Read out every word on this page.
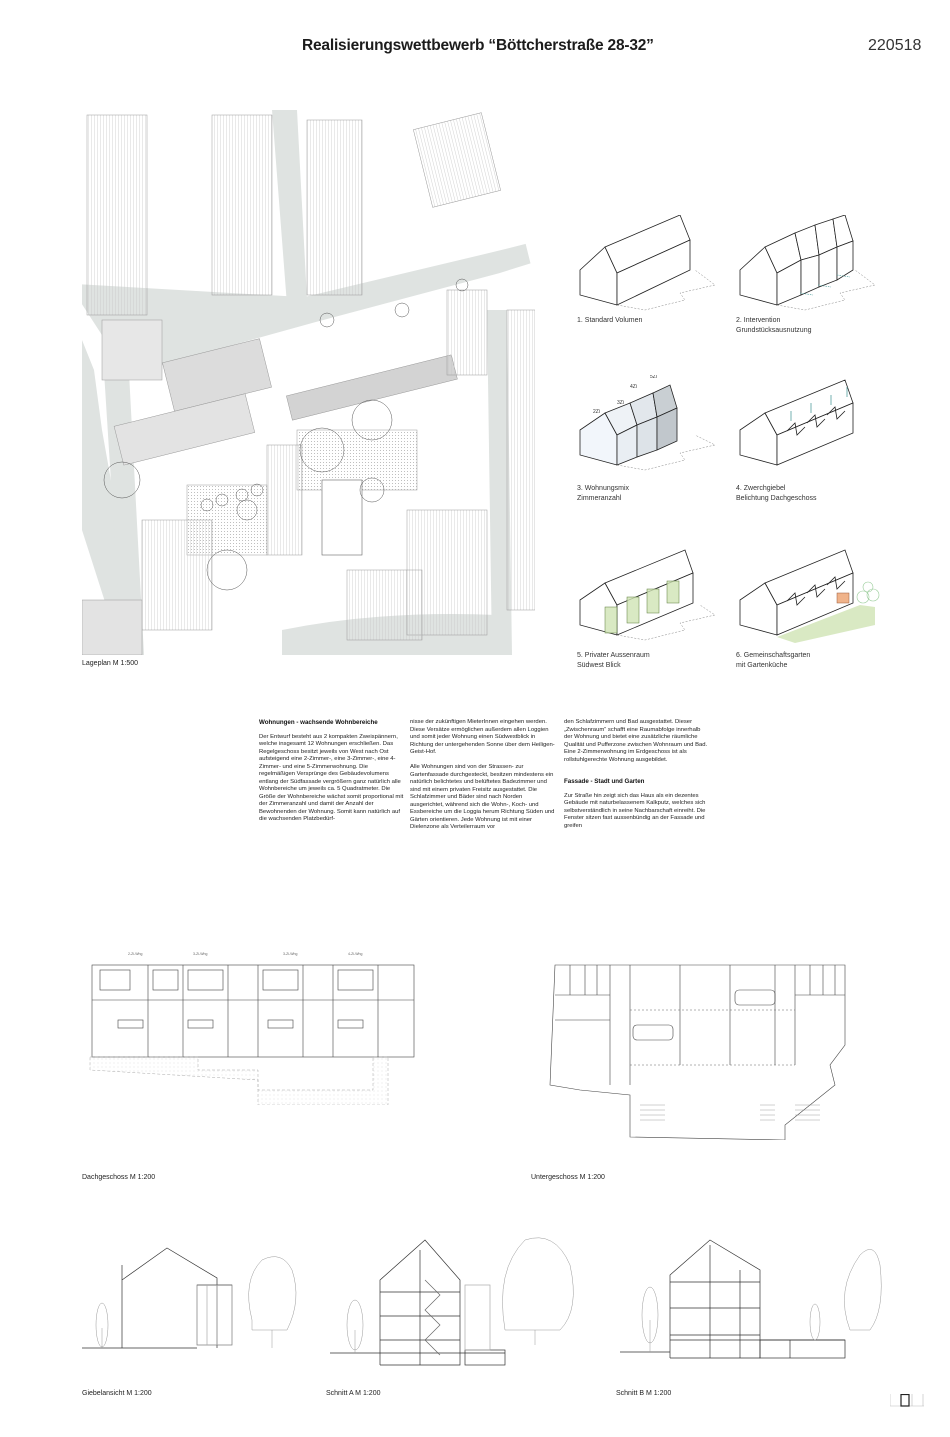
Realisierungswettbewerb “Böttcherstraße 28-32”	220518
Lageplan M 1:500
1. Standard Volumen	2. Intervention
Grundstücksausnutzung
2Zi
3Zi
4Zi
5Zi
3. Wohnungsmix
Zimmeranzahl
4. Zwerchgiebel
Belichtung Dachgeschoss
5. Privater Aussenraum
Südwest Blick
6. Gemeinschaftsgarten
mit Gartenküche
Wohnungen - wachsende Wohnbereiche

Der Entwurf besteht aus 2 kompakten Zweispännern, welche insgesamt 12 Wohnungen erschließen. Das Regelgeschoss besitzt jeweils von West nach Ost aufsteigend eine 2-Zimmer-, eine 3-Zimmer-, eine 4-Zimmer- und eine 5-Zimmerwohnung. Die regelmäßigen Versprünge des Gebäudevolumens entlang der Südfassade vergrößern ganz natürlich alle Wohnbereiche um jeweils ca. 5 Quadratmeter. Die Größe der Wohnbereiche wächst somit proportional mit der Zimmeranzahl und damit der Anzahl der Bewohnenden der Wohnung. Somit kann natürlich auf die wachsenden Platzbedürf-

nisse der zukünftigen MieterInnen eingehen werden. Diese Versätze ermöglichen außerdem allen Loggien und somit jeder Wohnung einen Südwestblick in Richtung der untergehenden Sonne über dem Heiligen-Geist-Hof.

Alle Wohnungen sind von der Strassen- zur Gartenfassade durchgesteckt, besitzen mindestens ein natürlich belichtetes und belüftetes Badezimmer und sind mit einem privaten Freisitz ausgestattet. Die Schlafzimmer und Bäder sind nach Norden ausgerichtet, während sich die Wohn-, Koch- und Essbereiche um die Loggia herum Richtung Süden und Gärten orientieren. Jede Wohnung ist mit einer Dielenzone als Verteilerraum vor

den Schlafzimmern und Bad ausgestattet. Dieser „Zwischenraum“ schafft eine Raumabfolge innerhalb der Wohnung und bietet eine zusätzliche räumliche Qualität und Pufferzone zwischen Wohnraum und Bad. Eine 2-Zimmerwohnung im Erdgeschoss ist als rollstuhlgerechte Wohnung ausgebildet.

Fassade - Stadt und Garten

Zur Straße hin zeigt sich das Haus als ein dezentes Gebäude mit naturbelassenem Kalkputz, welches sich selbstverständlich in seine Nachbarschaft einreiht. Die Fenster sitzen fast aussenbündig an der Fassade und greifen

2-Zi-Whg	3-Zi-Whg	3-Zi-Whg	4-Zi-Whg
Dachgeschoss M 1:200	Untergeschoss M 1:200
Giebelansicht M 1:200	Schnitt A M 1:200	Schnitt B M 1:200
